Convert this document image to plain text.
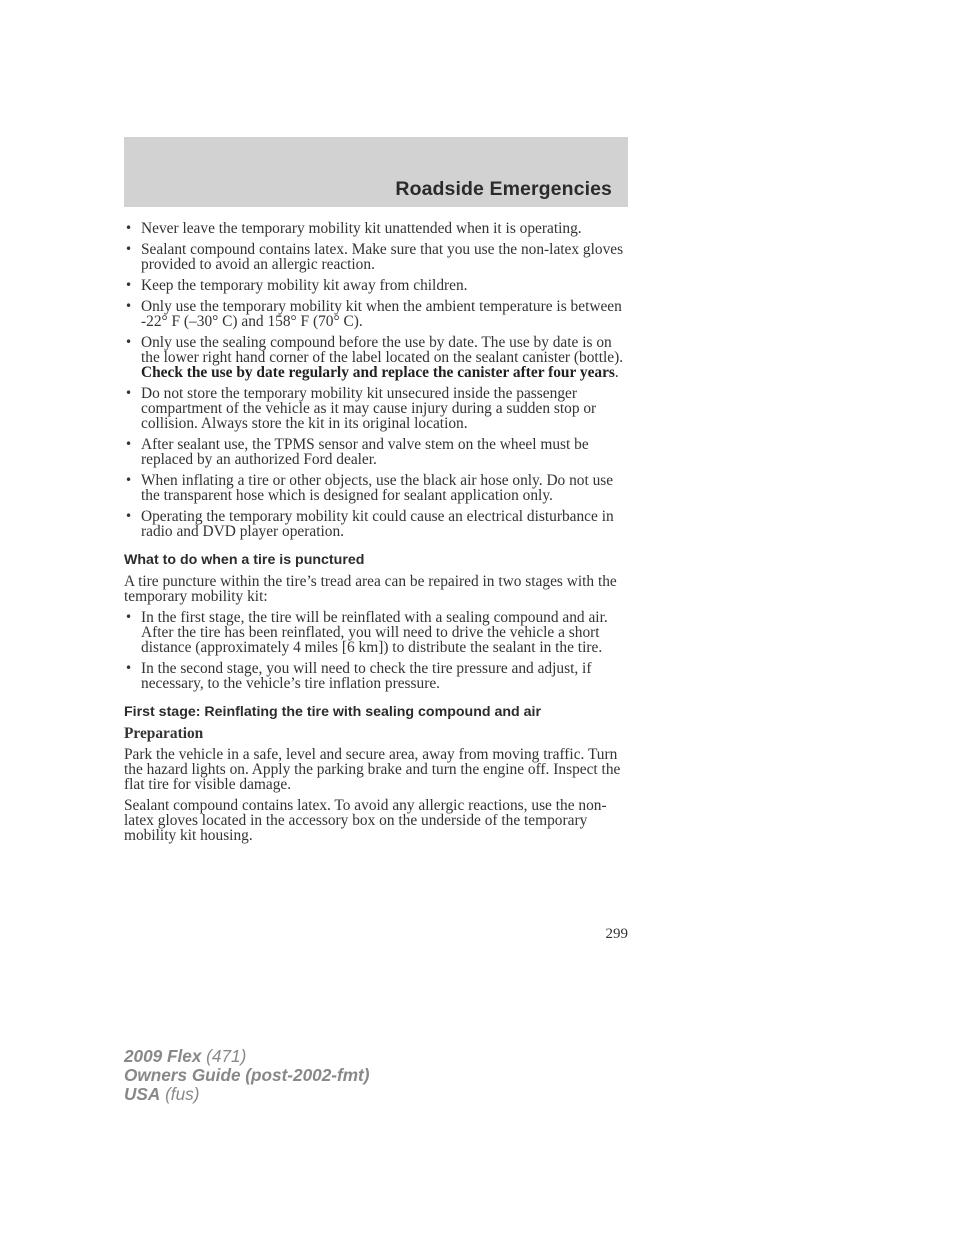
Roadside Emergencies
• Never leave the temporary mobility kit unattended when it is operating.
• Sealant compound contains latex. Make sure that you use the non-latex gloves provided to avoid an allergic reaction.
• Keep the temporary mobility kit away from children.
• Only use the temporary mobility kit when the ambient temperature is between -22° F (–30° C) and 158° F (70° C).
• Only use the sealing compound before the use by date. The use by date is on the lower right hand corner of the label located on the sealant canister (bottle). Check the use by date regularly and replace the canister after four years.
• Do not store the temporary mobility kit unsecured inside the passenger compartment of the vehicle as it may cause injury during a sudden stop or collision. Always store the kit in its original location.
• After sealant use, the TPMS sensor and valve stem on the wheel must be replaced by an authorized Ford dealer.
• When inflating a tire or other objects, use the black air hose only. Do not use the transparent hose which is designed for sealant application only.
• Operating the temporary mobility kit could cause an electrical disturbance in radio and DVD player operation.
What to do when a tire is punctured

A tire puncture within the tire’s tread area can be repaired in two stages with the temporary mobility kit:

• In the first stage, the tire will be reinflated with a sealing compound and air. After the tire has been reinflated, you will need to drive the vehicle a short distance (approximately 4 miles [6 km]) to distribute the sealant in the tire.
• In the second stage, you will need to check the tire pressure and adjust, if necessary, to the vehicle’s tire inflation pressure.
First stage: Reinflating the tire with sealing compound and air
Preparation

Park the vehicle in a safe, level and secure area, away from moving traffic. Turn the hazard lights on. Apply the parking brake and turn the engine off. Inspect the flat tire for visible damage.

Sealant compound contains latex. To avoid any allergic reactions, use the non-latex gloves located in the accessory box on the underside of the temporary mobility kit housing.

299
2009 Flex (471)
Owners Guide (post-2002-fmt)
USA (fus)
